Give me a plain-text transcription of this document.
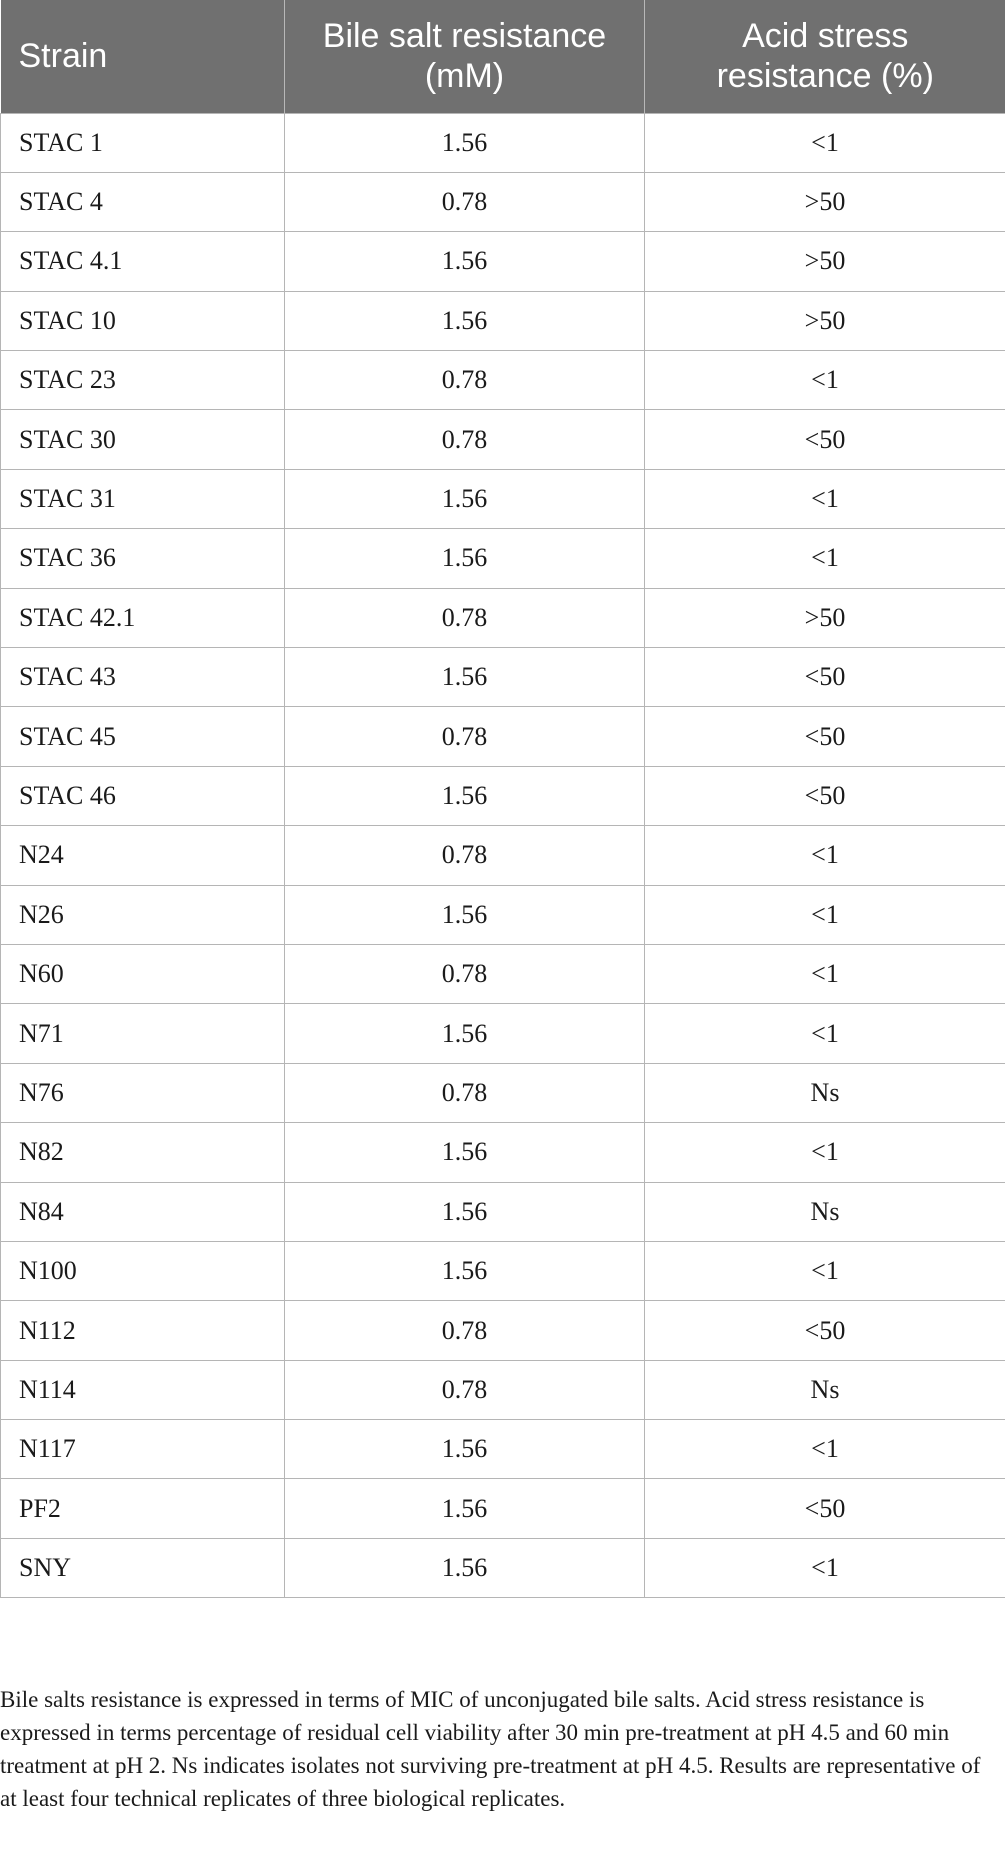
Strain	Bile salt resistance (mM)	Acid stress resistance (%)
STAC 1	1.56	<1
STAC 4	0.78	>50
STAC 4.1	1.56	>50
STAC 10	1.56	>50
STAC 23	0.78	<1
STAC 30	0.78	<50
STAC 31	1.56	<1
STAC 36	1.56	<1
STAC 42.1	0.78	>50
STAC 43	1.56	<50
STAC 45	0.78	<50
STAC 46	1.56	<50
N24	0.78	<1
N26	1.56	<1
N60	0.78	<1
N71	1.56	<1
N76	0.78	Ns
N82	1.56	<1
N84	1.56	Ns
N100	1.56	<1
N112	0.78	<50
N114	0.78	Ns
N117	1.56	<1
PF2	1.56	<50
SNY	1.56	<1

Bile salts resistance is expressed in terms of MIC of unconjugated bile salts. Acid stress resistance is expressed in terms percentage of residual cell viability after 30 min pre-treatment at pH 4.5 and 60 min treatment at pH 2. Ns indicates isolates not surviving pre-treatment at pH 4.5. Results are representative of at least four technical replicates of three biological replicates.
